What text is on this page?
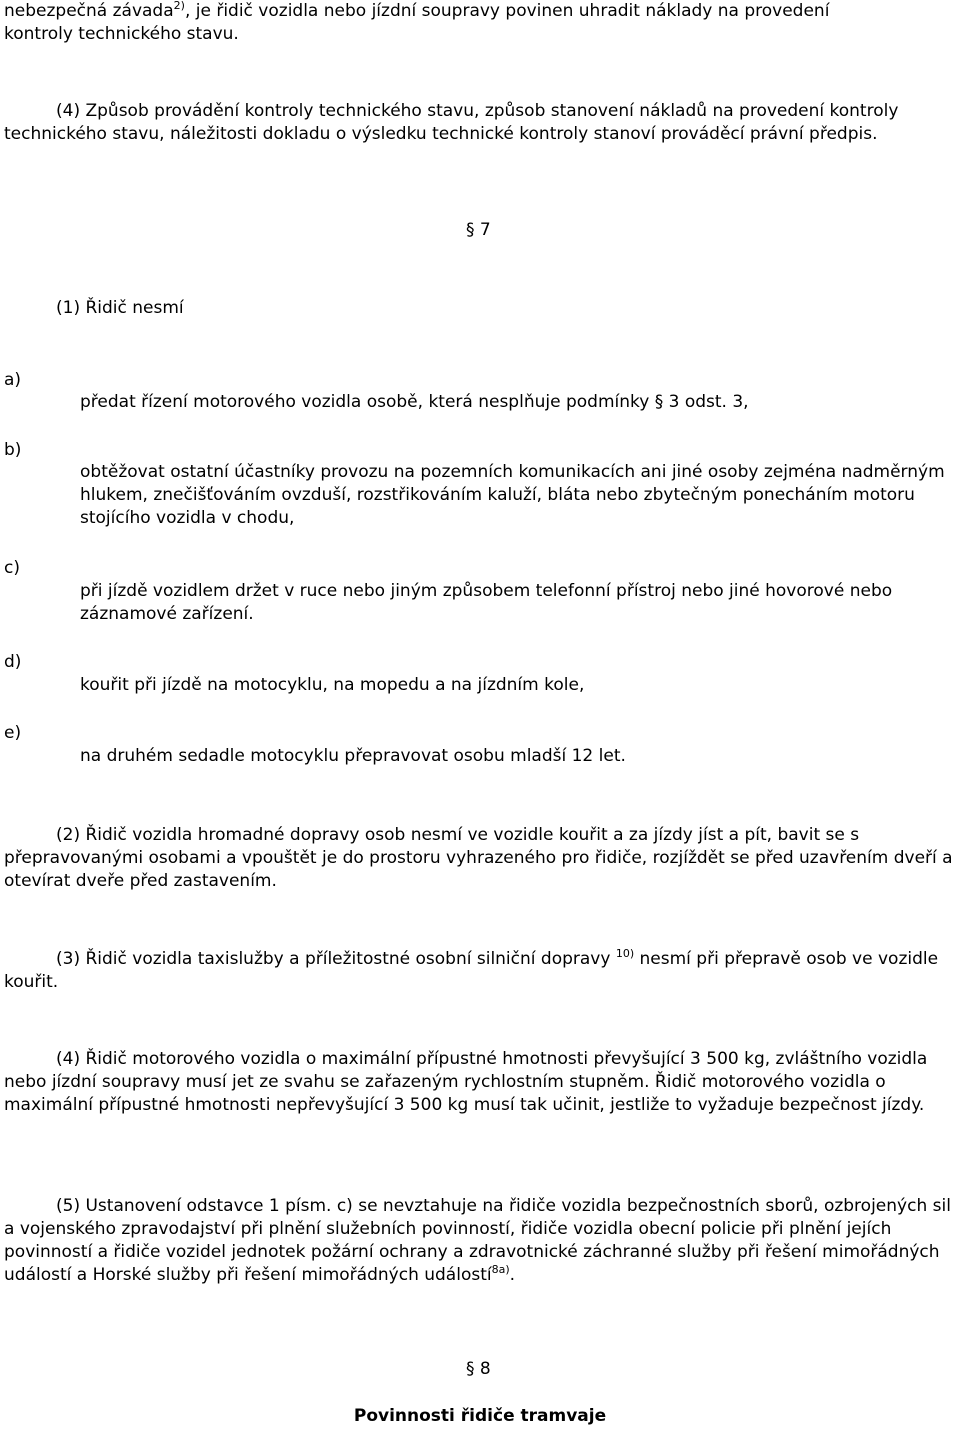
nebezpečná závada$^{2)}$, je řidič vozidla nebo jízdní soupravy povinen uhradit náklady na provedení
kontroly technického stavu.

(4) Způsob provádění kontroly technického stavu, způsob stanovení nákladů na provedení kontroly technického stavu, náležitosti dokladu o výsledku technické kontroly stanoví prováděcí právní předpis.

§ 7

(1) Řidič nesmí

a)

předat řízení motorového vozidla osobě, která nesplňuje podmínky § 3 odst. 3,

b)

obtěžovat ostatní účastníky provozu na pozemních komunikacích ani jiné osoby zejména nadměrným hlukem, znečišťováním ovzduší, rozstřikováním kaluží, bláta nebo zbytečným ponecháním motoru stojícího vozidla v chodu,

c)

při jízdě vozidlem držet v ruce nebo jiným způsobem telefonní přístroj nebo jiné hovorové nebo záznamové zařízení.

d)

kouřit při jízdě na motocyklu, na mopedu a na jízdním kole,

e)

na druhém sedadle motocyklu přepravovat osobu mladší 12 let.

(2) Řidič vozidla hromadné dopravy osob nesmí ve vozidle kouřit a za jízdy jíst a pít, bavit se s přepravovanými osobami a vpouštět je do prostoru vyhrazeného pro řidiče, rozjíždět se před uzavřením dveří a otevírat dveře před zastavením.

(3) Řidič vozidla taxislužby a příležitostné osobní silniční dopravy $^{10)}$ nesmí při přepravě osob ve vozidle kouřit.

(4) Řidič motorového vozidla o maximální přípustné hmotnosti převyšující 3 500 kg, zvláštního vozidla nebo jízdní soupravy musí jet ze svahu se zařazeným rychlostním stupněm. Řidič motorového vozidla o maximální přípustné hmotnosti nepřevyšující 3 500 kg musí tak učinit, jestliže to vyžaduje bezpečnost jízdy.

(5) Ustanovení odstavce 1 písm. c) se nevztahuje na řidiče vozidla bezpečnostních sborů, ozbrojených sil a vojenského zpravodajství při plnění služebních povinností, řidiče vozidla obecní policie při plnění jejích povinností a řidiče vozidel jednotek požární ochrany a zdravotnické záchranné služby při řešení mimořádných událostí a Horské služby při řešení mimořádných událostí$^{8a)}$.

§ 8

Povinnosti řidiče tramvaje
